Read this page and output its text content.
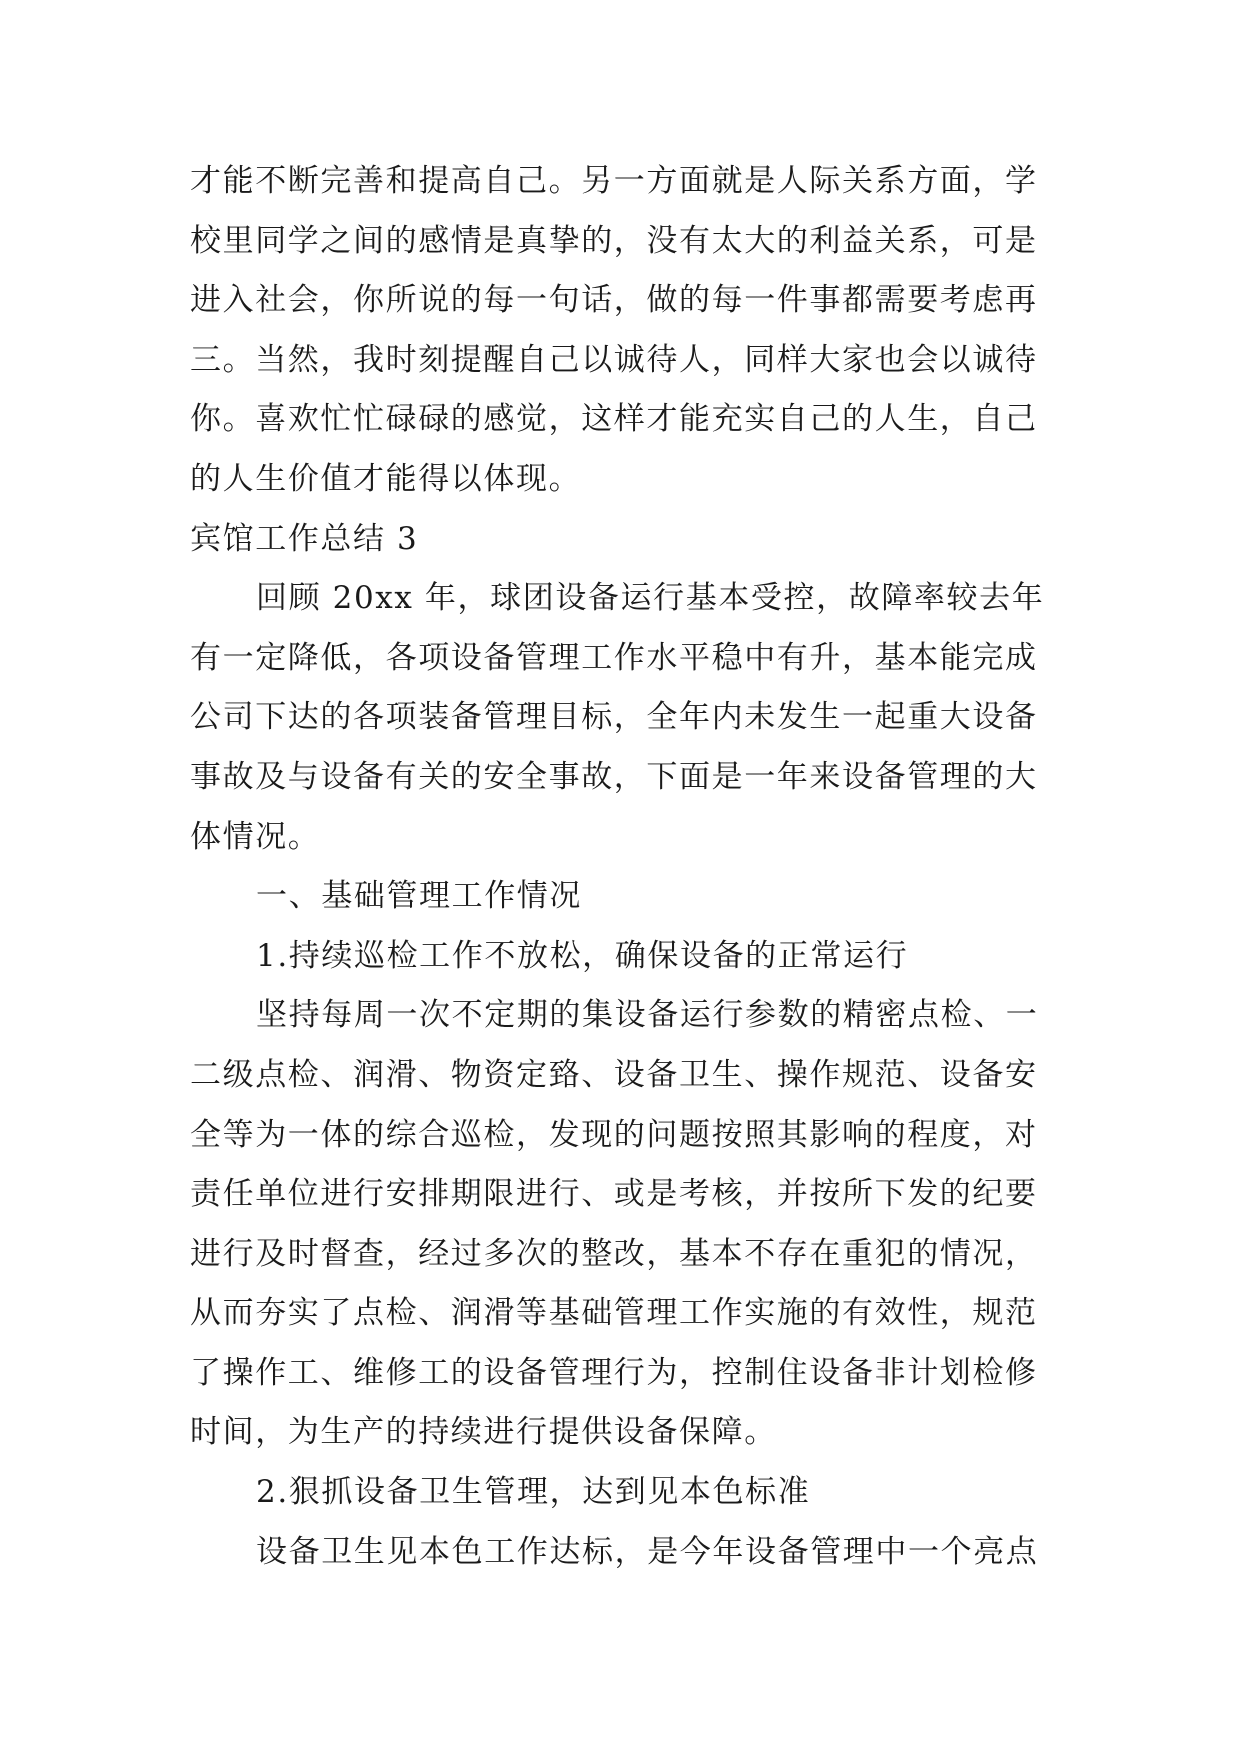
才能不断完善和提高自己。另一方面就是人际关系方面，学
校里同学之间的感情是真挚的，没有太大的利益关系，可是
进入社会，你所说的每一句话，做的每一件事都需要考虑再
三。当然，我时刻提醒自己以诚待人，同样大家也会以诚待
你。喜欢忙忙碌碌的感觉，这样才能充实自己的人生，自己
的人生价值才能得以体现。
宾馆工作总结 3
回顾 20xx 年，球团设备运行基本受控，故障率较去年
有一定降低，各项设备管理工作水平稳中有升，基本能完成
公司下达的各项装备管理目标，全年内未发生一起重大设备
事故及与设备有关的安全事故，下面是一年来设备管理的大
体情况。
一、基础管理工作情况
1.持续巡检工作不放松，确保设备的正常运行
坚持每周一次不定期的集设备运行参数的精密点检、一
二级点检、润滑、物资定臵、设备卫生、操作规范、设备安
全等为一体的综合巡检，发现的问题按照其影响的程度，对
责任单位进行安排期限进行、或是考核，并按所下发的纪要
进行及时督查，经过多次的整改，基本不存在重犯的情况，
从而夯实了点检、润滑等基础管理工作实施的有效性，规范
了操作工、维修工的设备管理行为，控制住设备非计划检修
时间，为生产的持续进行提供设备保障。
2.狠抓设备卫生管理，达到见本色标准
设备卫生见本色工作达标，是今年设备管理中一个亮点
